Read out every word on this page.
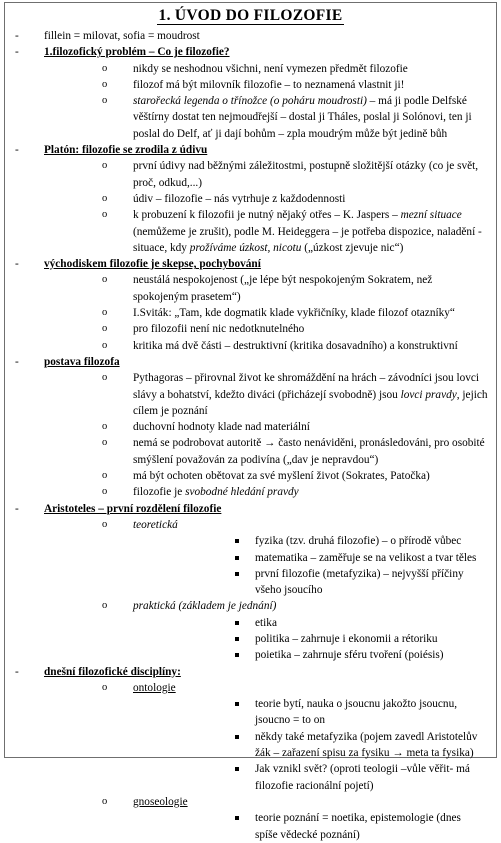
1. ÚVOD DO FILOZOFIE
- fillein = milovat, sofia = moudrost
- 1.filozofický problém – Co je filozofie?
o nikdy se neshodnou všichni, není vymezen předmět filozofie
o filozof má být milovník filozofie – to neznamená vlastnit ji!
o starořecká legenda o třínožce (o poháru moudrosti) – má ji podle Delfské věštírny dostat ten nejmoudřejší – dostal ji Tháles, poslal ji Solónovi, ten ji poslal do Delf, ať ji dají bohům – zpla moudrým může být jedině bůh
- Platón: filozofie se zrodila z údivu
o první údivy nad běžnými záležitostmi, postupně složitější otázky (co je svět, proč, odkud,...)
o údiv – filozofie – nás vytrhuje z každodennosti
o k probuzení k filozofii je nutný nějaký otřes – K. Jaspers – mezní situace (nemůžeme je zrušit), podle M. Heideggera – je potřeba dispozice, naladění - situace, kdy prožíváme úzkost, nicotu („úzkost zjevuje nic“)
- východiskem filozofie je skepse, pochybování
o neustálá nespokojenost („je lépe být nespokojeným Sokratem, než spokojeným prasetem“)
o I.Sviták: „Tam, kde dogmatik klade vykřičníky, klade filozof otazníky“
o pro filozofii není nic nedotknutelného
o kritika má dvě části – destruktivní (kritika dosavadního) a konstruktivní
- postava filozofa
o Pythagoras – přirovnal život ke shromáždění na hrách – závodníci jsou lovci slávy a bohatství, kdežto diváci (přicházejí svobodně) jsou lovci pravdy, jejich cílem je poznání
o duchovní hodnoty klade nad materiální
o nemá se podrobovat autoritě → často nenáviděni, pronásledováni, pro osobité smýšlení považován za podivína („dav je nepravdou“)
o má být ochoten obětovat za své myšlení život (Sokrates, Patočka)
o filozofie je svobodné hledání pravdy
- Aristoteles – první rozdělení filozofie
o teoretická
fyzika (tzv. druhá filozofie) – o přírodě vůbec
matematika – zaměřuje se na velikost a tvar těles
první filozofie (metafyzika) – nejvyšší příčiny všeho jsoucího
o praktická (základem je jednání)
etika
politika – zahrnuje i ekonomii a rétoriku
poietika – zahrnuje sféru tvoření (poiésis)
- dnešní filozofické disciplíny:
o ontologie
teorie bytí, nauka o jsoucnu jakožto jsoucnu, jsoucno = to on
někdy také metafyzika (pojem zavedl Aristotelův žák – zařazení spisu za fysiku → meta ta fysika)
Jak vznikl svět? (oproti teologii –vůle věřit- má filozofie racionální pojetí)
o gnoseologie
teorie poznání = noetika, epistemologie (dnes spíše vědecké poznání)
